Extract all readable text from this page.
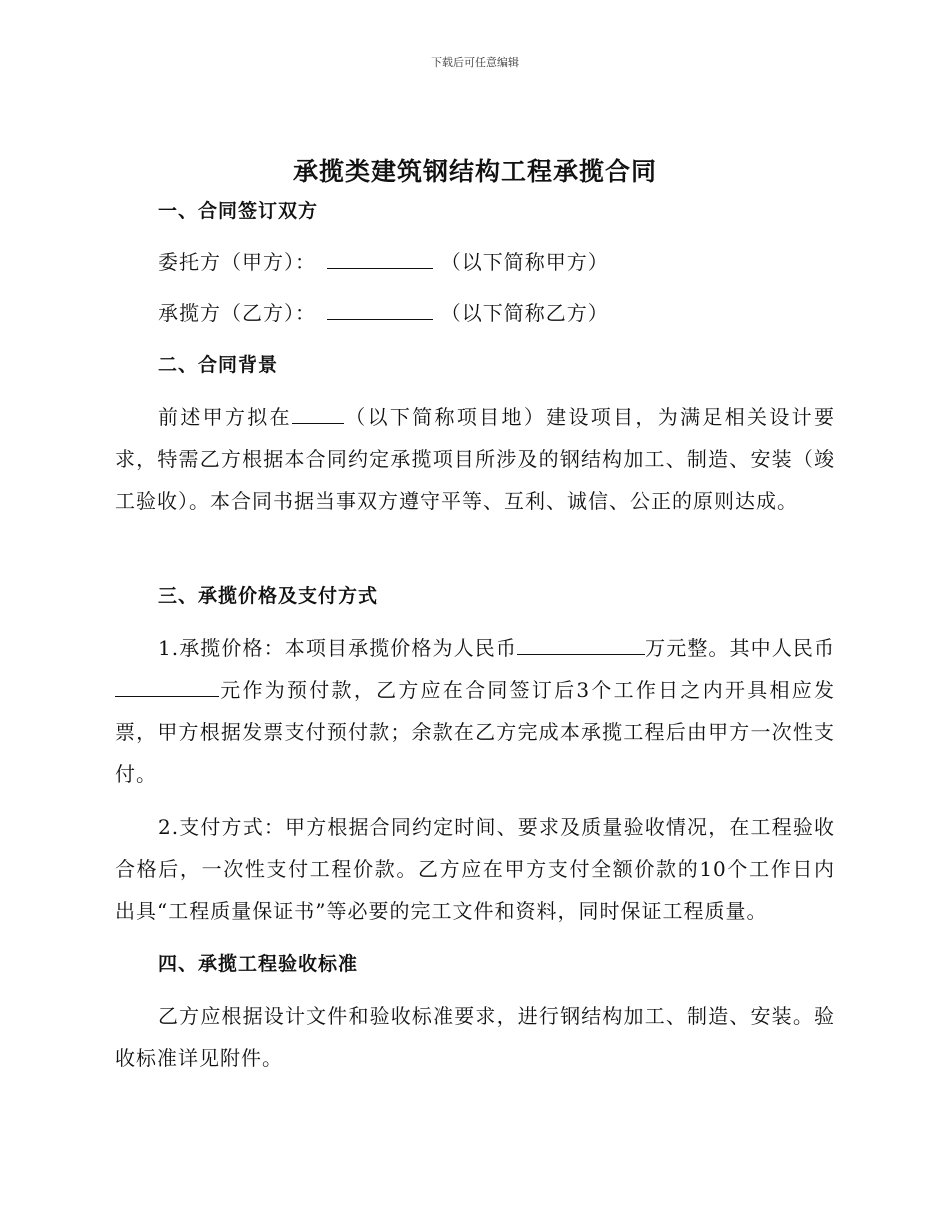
下载后可任意编辑
承揽类建筑钢结构工程承揽合同
一、合同签订双方
委托方（甲方）：	（以下简称甲方）
承揽方（乙方）：	（以下简称乙方）
二、合同背景
前述甲方拟在	（以下简称项目地）建设项目，为满足相关设计要求，特需乙方根据本合同约定承揽项目所涉及的钢结构加工、制造、安装（竣工验收）。本合同书据当事双方遵守平等、互利、诚信、公正的原则达成。
三、承揽价格及支付方式
1.承揽价格：本项目承揽价格为人民币	万元整。其中人民币元作为预付款，乙方应在合同签订后3个工作日之内开具相应发票，甲方根据发票支付预付款；余款在乙方完成本承揽工程后由甲方一次性支付。
2.支付方式：甲方根据合同约定时间、要求及质量验收情况，在工程验收合格后，一次性支付工程价款。乙方应在甲方支付全额价款的10个工作日内出具“工程质量保证书”等必要的完工文件和资料，同时保证工程质量。
四、承揽工程验收标准
乙方应根据设计文件和验收标准要求，进行钢结构加工、制造、安装。验收标准详见附件。
